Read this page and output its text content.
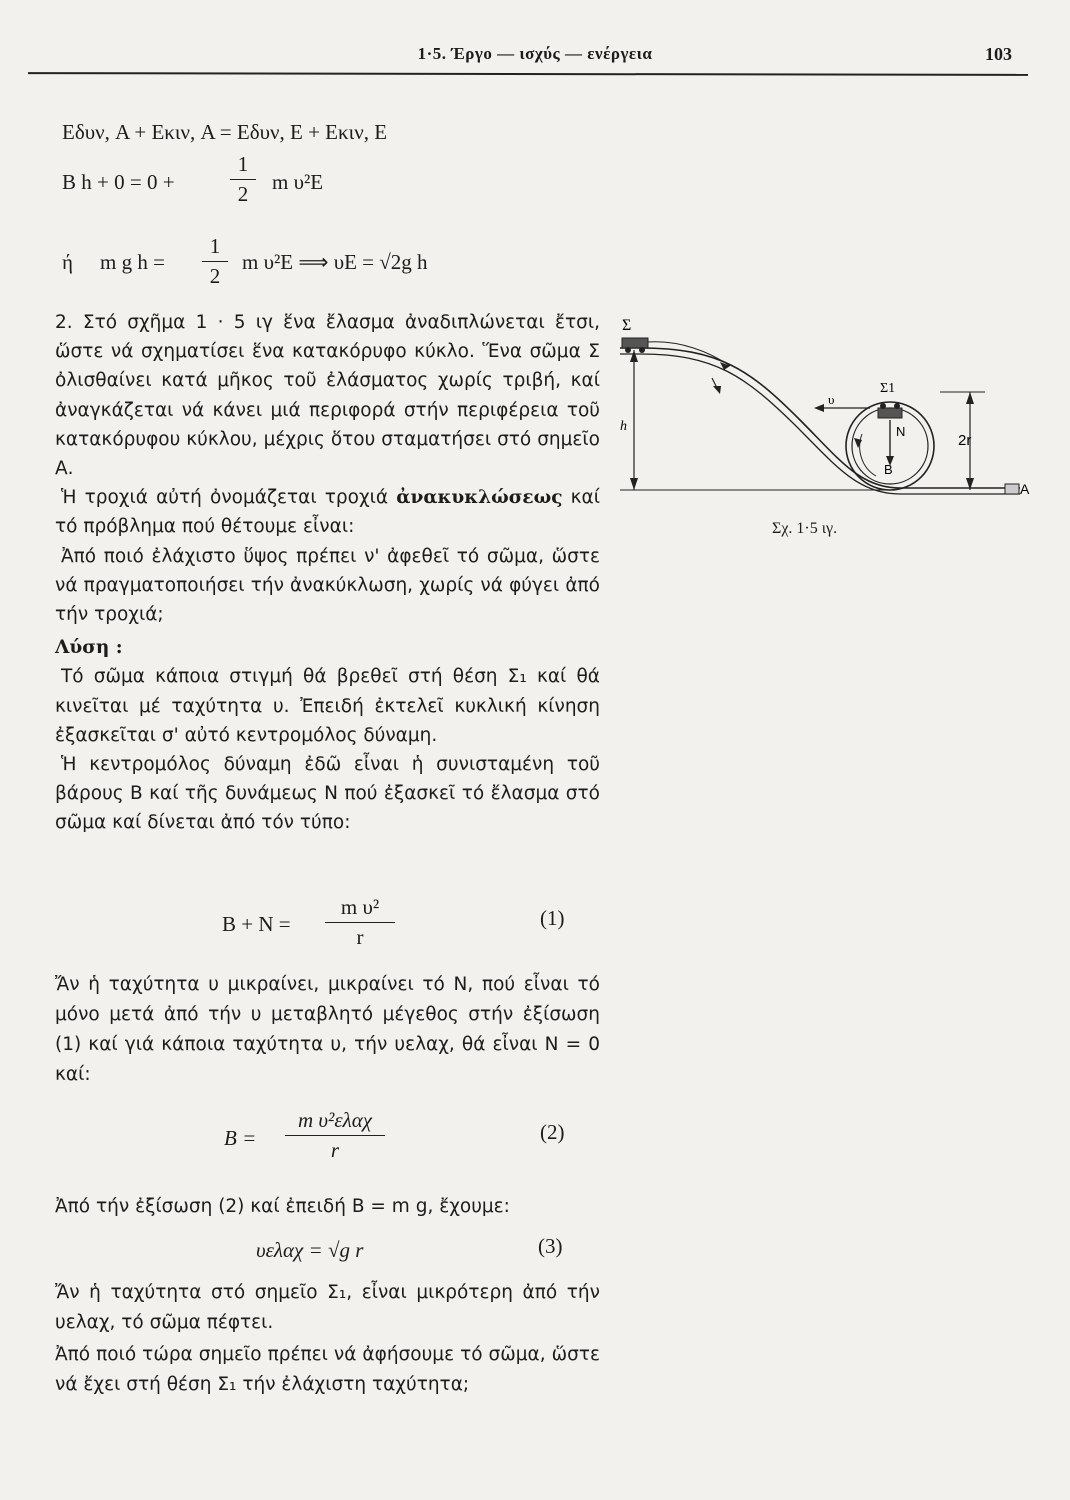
1·5. Έργο — ισχύς — ενέργεια	103
Eδυν, A + Eκιν, A = Eδυν, E + Eκιν, E
B h + 0 = 0 +
1
2	m υ²E
ή m g h =
1
2
m υ²E ⟹ υE = √2g h

2. Στό σχῆμα 1 · 5 ιγ ἕνα ἔλασμα ἀναδιπλώνεται ἔτσι, ὥστε νά σχηματίσει ἕνα κατακόρυφο κύκλο. Ἕνα σῶμα Σ ὀλισθαίνει κατά μῆκος τοῦ ἐλάσματος χωρίς τριβή, καί ἀναγκάζεται νά κάνει μιά περιφορά στήν περιφέρεια τοῦ κατακόρυφου κύκλου, μέχρις ὅτου σταματήσει στό σημεῖο Α.

Ἡ τροχιά αὐτή ὀνομάζεται τροχιά ἀνακυκλώσεως καί τό πρόβλημα πού θέτουμε εἶναι:

Ἀπό ποιό ἐλάχιστο ὕψος πρέπει ν' ἀφεθεῖ τό σῶμα, ὥστε νά πραγματοποιήσει τήν ἀνακύκλωση, χωρίς νά φύγει ἀπό τήν τροχιά;

Λύση :

Τό σῶμα κάποια στιγμή θά βρεθεῖ στή θέση Σ₁ καί θά κινεῖται μέ ταχύτητα υ. Ἐπειδή ἐκτελεῖ κυκλική κίνηση ἐξασκεῖται σ' αὐτό κεντρομόλος δύναμη.

Ἡ κεντρομόλος δύναμη ἐδῶ εἶναι ἡ συνισταμένη τοῦ βάρους B καί τῆς δυνάμεως N πού ἐξασκεῖ τό ἔλασμα στό σῶμα καί δίνεται ἀπό τόν τύπο:

B + N =
m υ²
r
(1)
Ἄν ἡ ταχύτητα υ μικραίνει, μικραίνει τό N, πού εἶναι τό μόνο μετά ἀπό τήν υ μεταβλητό μέγεθος στήν ἐξίσωση (1) καί γιά κάποια ταχύτητα υ, τήν υελαχ, θά εἶναι N = 0 καί:
B =
m υ²ελαχ
r
(2)
Ἀπό τήν ἐξίσωση (2) καί ἐπειδή B = m g, ἔχουμε:
υελαχ = √g r	(3)
Ἄν ἡ ταχύτητα στό σημεῖο Σ₁, εἶναι μικρότερη ἀπό τήν υελαχ, τό σῶμα πέφτει.
Ἀπό ποιό τώρα σημεῖο πρέπει νά ἀφήσουμε τό σῶμα, ὥστε νά ἔχει στή θέση Σ₁ τήν ἐλάχιστη ταχύτητα;
Σ
Σ1
h
υ
N
B
2r
A
Σχ. 1·5 ιγ.
